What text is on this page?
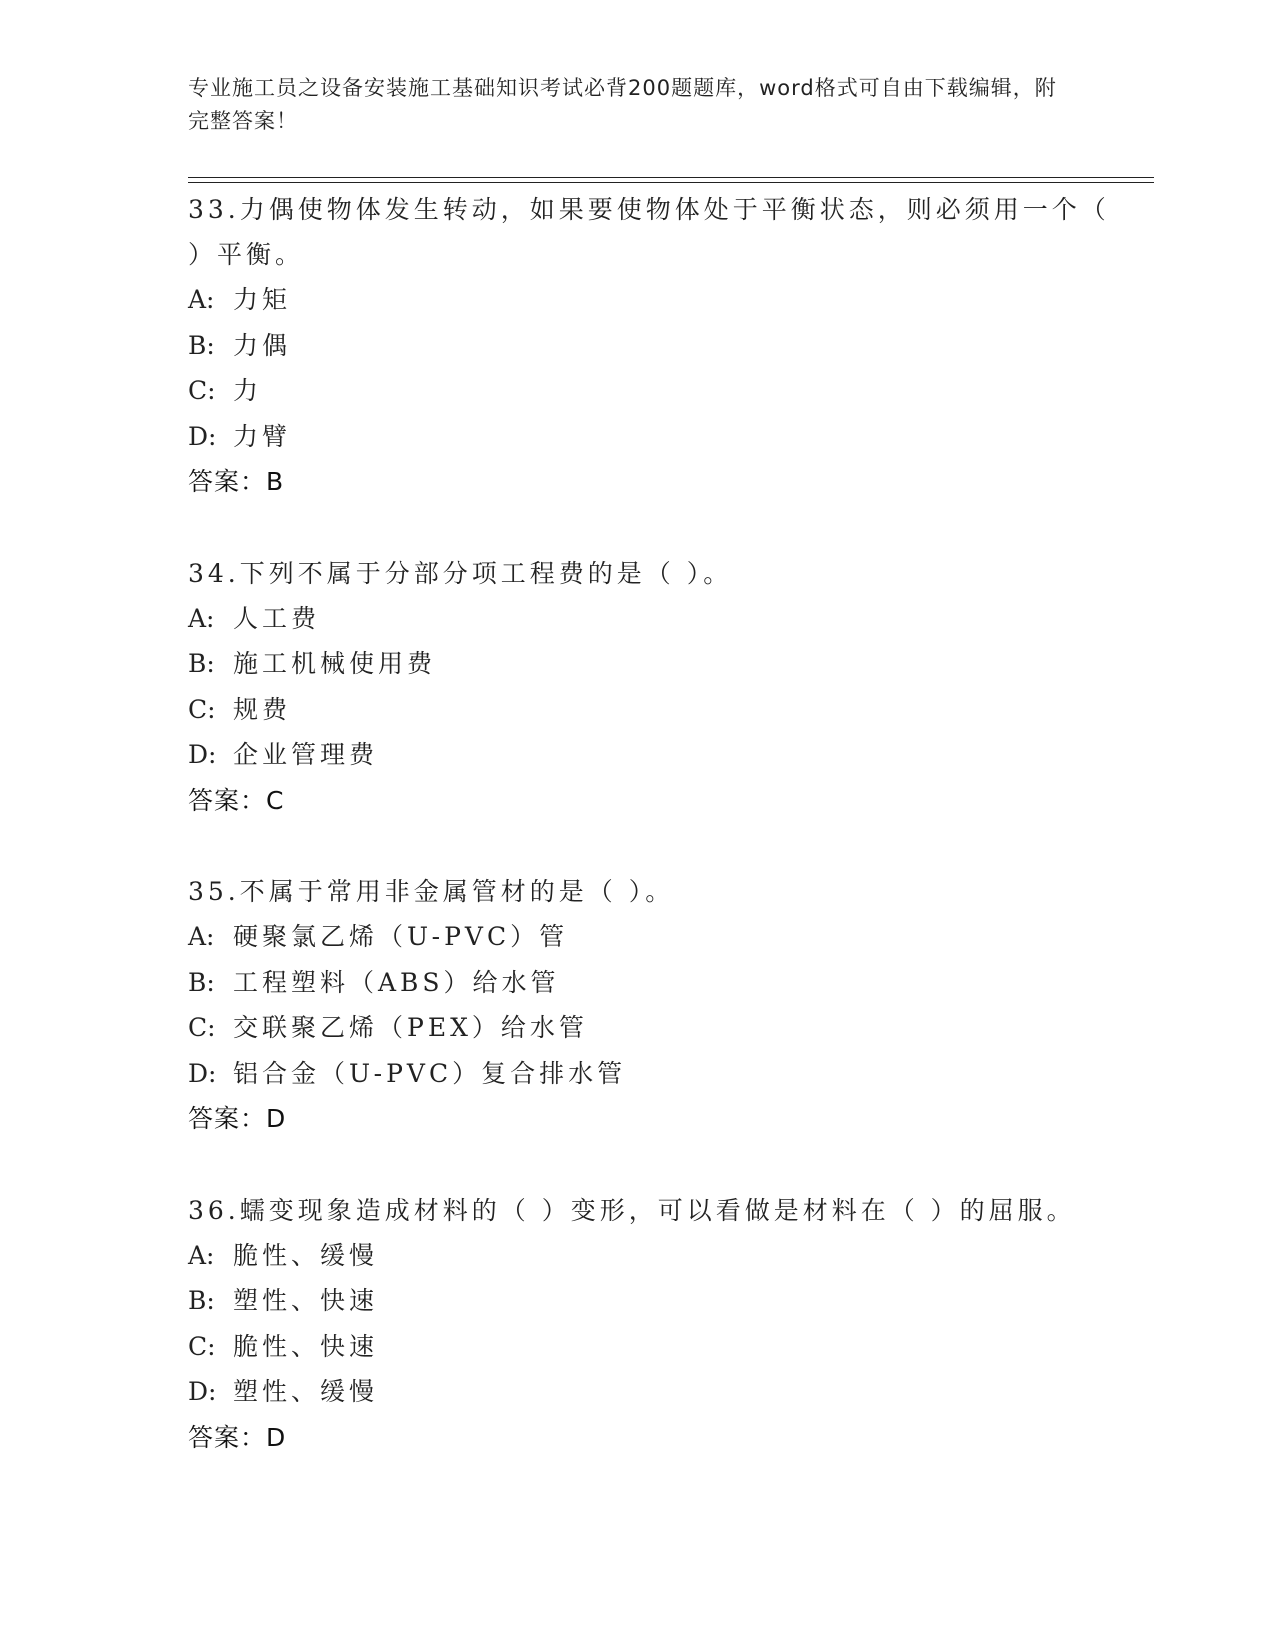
专业施工员之设备安装施工基础知识考试必背200题题库，word格式可自由下载编辑，附完整答案！

33.力偶使物体发生转动，如果要使物体处于平衡状态，则必须用一个（ ）平衡。

A: 力矩

B: 力偶

C: 力

D: 力臂

答案：B

34.下列不属于分部分项工程费的是（ ）。

A: 人工费

B: 施工机械使用费

C: 规费

D: 企业管理费

答案：C

35.不属于常用非金属管材的是（ ）。

A: 硬聚氯乙烯（U-PVC）管

B: 工程塑料（ABS）给水管

C: 交联聚乙烯（PEX）给水管

D: 铝合金（U-PVC）复合排水管

答案：D

36.蠕变现象造成材料的（ ）变形，可以看做是材料在（ ）的屈服。

A: 脆性、缓慢

B: 塑性、快速

C: 脆性、快速

D: 塑性、缓慢

答案：D
